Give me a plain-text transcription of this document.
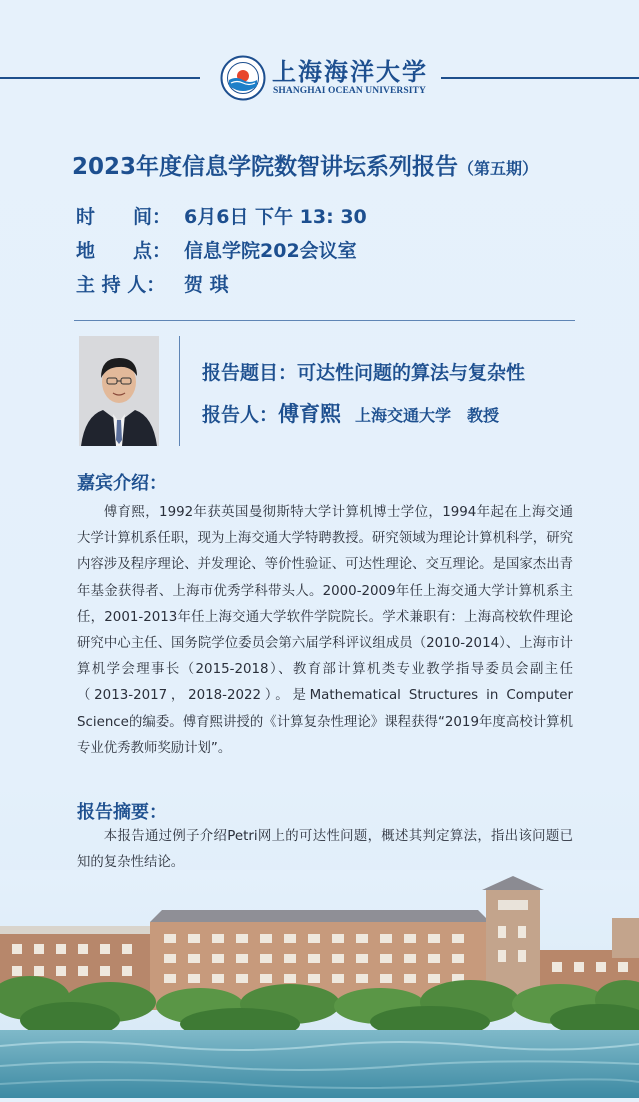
上海海洋大学
SHANGHAI OCEAN UNIVERSITY
2023年度信息学院数智讲坛系列报告（第五期）
时　　间： 6月6日 下午 13: 30
地　　点： 信息学院202会议室
主 持 人： 贺 琪
报告题目：可达性问题的算法与复杂性
报告人：傅育熙 上海交通大学　教授
嘉宾介绍：

傅育熙，1992年获英国曼彻斯特大学计算机博士学位，1994年起在上海交通大学计算机系任职，现为上海交通大学特聘教授。研究领域为理论计算机科学，研究内容涉及程序理论、并发理论、等价性验证、可达性理论、交互理论。是国家杰出青年基金获得者、上海市优秀学科带头人。2000-2009年任上海交通大学计算机系主任，2001-2013年任上海交通大学软件学院院长。学术兼职有：上海高校软件理论研究中心主任、国务院学位委员会第六届学科评议组成员（2010-2014）、上海市计算机学会理事长（2015-2018）、教育部计算机类专业教学指导委员会副主任（2013-2017，2018-2022）。是Mathematical Structures in Computer Science的编委。傅育熙讲授的《计算复杂性理论》课程获得“2019年度高校计算机专业优秀教师奖励计划”。

报告摘要：

本报告通过例子介绍Petri网上的可达性问题，概述其判定算法，指出该问题已知的复杂性结论。
